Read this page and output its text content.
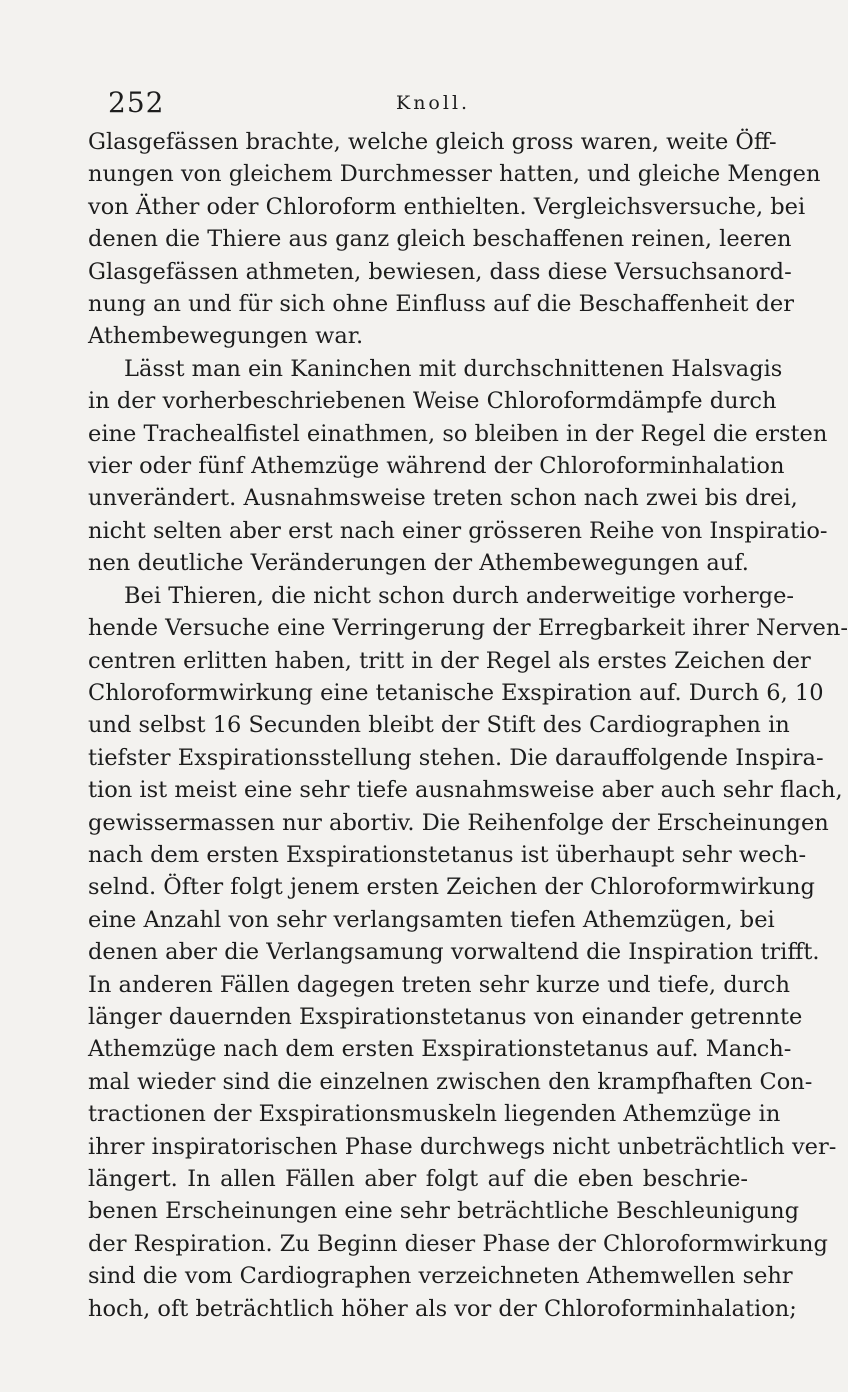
252	Knoll.
Glasgefässen brachte, welche gleich gross waren, weite Öff-
nungen von gleichem Durchmesser hatten, und gleiche Mengen
von Äther oder Chloroform enthielten. Vergleichsversuche, bei
denen die Thiere aus ganz gleich beschaffenen reinen, leeren
Glasgefässen athmeten, bewiesen, dass diese Versuchsanord-
nung an und für sich ohne Einfluss auf die Beschaffenheit der
Athembewegungen war.
Lässt man ein Kaninchen mit durchschnittenen Halsvagis
in der vorherbeschriebenen Weise Chloroformdämpfe durch
eine Trachealfistel einathmen, so bleiben in der Regel die ersten
vier oder fünf Athemzüge während der Chloroforminhalation
unverändert. Ausnahmsweise treten schon nach zwei bis drei,
nicht selten aber erst nach einer grösseren Reihe von Inspiratio-
nen deutliche Veränderungen der Athembewegungen auf.
Bei Thieren, die nicht schon durch anderweitige vorherge-
hende Versuche eine Verringerung der Erregbarkeit ihrer Nerven-
centren erlitten haben, tritt in der Regel als erstes Zeichen der
Chloroformwirkung eine tetanische Exspiration auf. Durch 6, 10
und selbst 16 Secunden bleibt der Stift des Cardiographen in
tiefster Exspirationsstellung stehen. Die darauffolgende Inspira-
tion ist meist eine sehr tiefe ausnahmsweise aber auch sehr flach,
gewissermassen nur abortiv. Die Reihenfolge der Erscheinungen
nach dem ersten Exspirationstetanus ist überhaupt sehr wech-
selnd. Öfter folgt jenem ersten Zeichen der Chloroformwirkung
eine Anzahl von sehr verlangsamten tiefen Athemzügen, bei
denen aber die Verlangsamung vorwaltend die Inspiration trifft.
In anderen Fällen dagegen treten sehr kurze und tiefe, durch
länger dauernden Exspirationstetanus von einander getrennte
Athemzüge nach dem ersten Exspirationstetanus auf. Manch-
mal wieder sind die einzelnen zwischen den krampfhaften Con-
tractionen der Exspirationsmuskeln liegenden Athemzüge in
ihrer inspiratorischen Phase durchwegs nicht unbeträchtlich ver-
längert. In allen Fällen aber folgt auf die eben beschrie-
benen Erscheinungen eine sehr beträchtliche Beschleunigung
der Respiration. Zu Beginn dieser Phase der Chloroformwirkung
sind die vom Cardiographen verzeichneten Athemwellen sehr
hoch, oft beträchtlich höher als vor der Chloroforminhalation;
